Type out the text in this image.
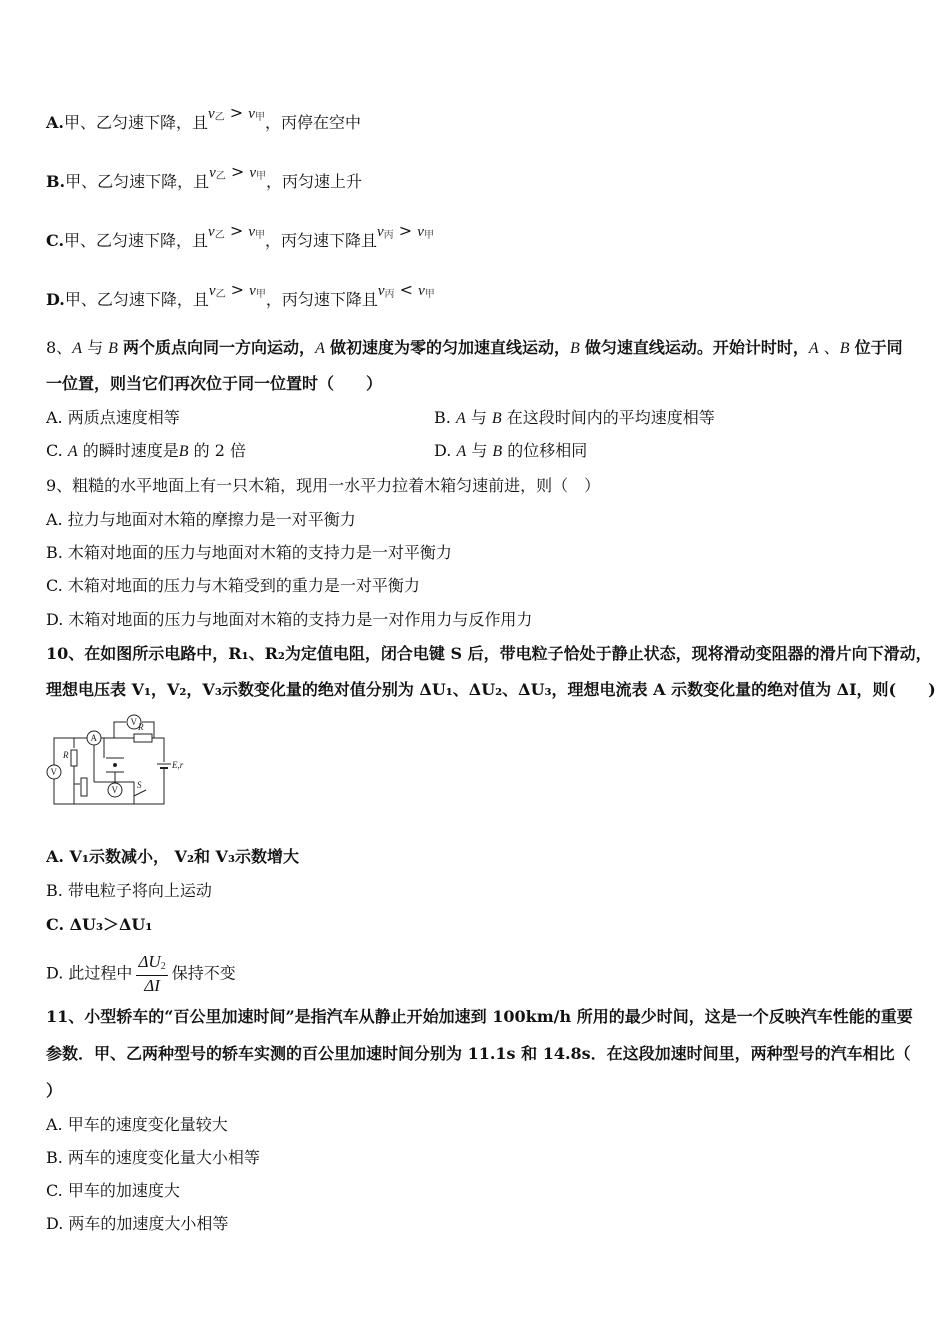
A.甲、乙匀速下降，且v乙 > v甲，丙停在空中
B.甲、乙匀速下降，且v乙 > v甲，丙匀速上升
C.甲、乙匀速下降，且v乙 > v甲，丙匀速下降且v丙 > v甲
D.甲、乙匀速下降，且v乙 > v甲，丙匀速下降且v丙 < v甲
8、A 与 B 两个质点向同一方向运动，A 做初速度为零的匀加速直线运动，B 做匀速直线运动。开始计时时，A 、B 位于同
一位置，则当它们再次位于同一位置时（　　）
A. 两质点速度相等	B. A 与 B 在这段时间内的平均速度相等
C. A 的瞬时速度是B 的 2 倍	D. A 与 B 的位移相同
9、粗糙的水平地面上有一只木箱，现用一水平力拉着木箱匀速前进，则（　）
A. 拉力与地面对木箱的摩擦力是一对平衡力
B. 木箱对地面的压力与地面对木箱的支持力是一对平衡力
C. 木箱对地面的压力与木箱受到的重力是一对平衡力
D. 木箱对地面的压力与地面对木箱的支持力是一对作用力与反作用力
10、在如图所示电路中，R₁、R₂为定值电阻，闭合电键 S 后，带电粒子恰处于静止状态，现将滑动变阻器的滑片向下滑动，
理想电压表 V₁，V₂，V₃示数变化量的绝对值分别为 ΔU₁、ΔU₂、ΔU₃，理想电流表 A 示数变化量的绝对值为 ΔI，则(　　)
V
A
R
R
V
V
E,r
S
A. V₁示数减小， V₂和 V₃示数增大
B. 带电粒子将向上运动
C. ΔU₃＞ΔU₁
D. 此过程中 $\frac{\Delta U2}{\Delta I}$ 保持不变
11、小型轿车的“百公里加速时间”是指汽车从静止开始加速到 100km/h 所用的最少时间，这是一个反映汽车性能的重要
参数．甲、乙两种型号的轿车实测的百公里加速时间分别为 11.1s 和 14.8s．在这段加速时间里，两种型号的汽车相比（
）
A. 甲车的速度变化量较大
B. 两车的速度变化量大小相等
C. 甲车的加速度大
D. 两车的加速度大小相等
